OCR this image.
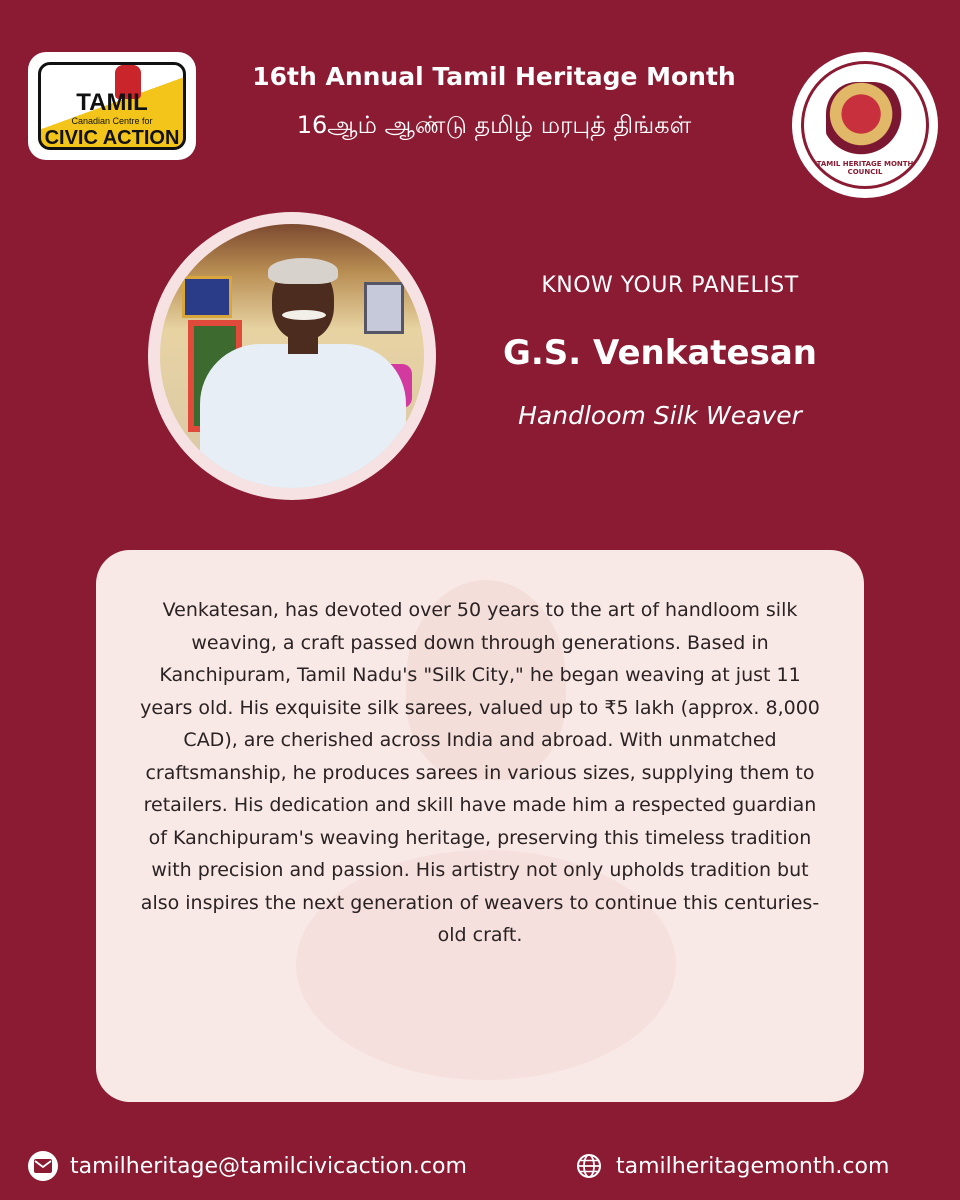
TAMIL
Canadian Centre for
CIVIC ACTION
16th Annual Tamil Heritage Month
16ஆம் ஆண்டு தமிழ் மரபுத் திங்கள்
TAMIL HERITAGE MONTH COUNCIL
KNOW YOUR PANELIST
G.S. Venkatesan
Handloom Silk Weaver
Venkatesan, has devoted over 50 years to the art of handloom silk weaving, a craft passed down through generations. Based in Kanchipuram, Tamil Nadu's "Silk City," he began weaving at just 11 years old. His exquisite silk sarees, valued up to ₹5 lakh (approx. 8,000 CAD), are cherished across India and abroad. With unmatched craftsmanship, he produces sarees in various sizes, supplying them to retailers. His dedication and skill have made him a respected guardian of Kanchipuram's weaving heritage, preserving this timeless tradition with precision and passion. His artistry not only upholds tradition but also inspires the next generation of weavers to continue this centuries-old craft.
tamilheritage@tamilcivicaction.com	tamilheritagemonth.com
